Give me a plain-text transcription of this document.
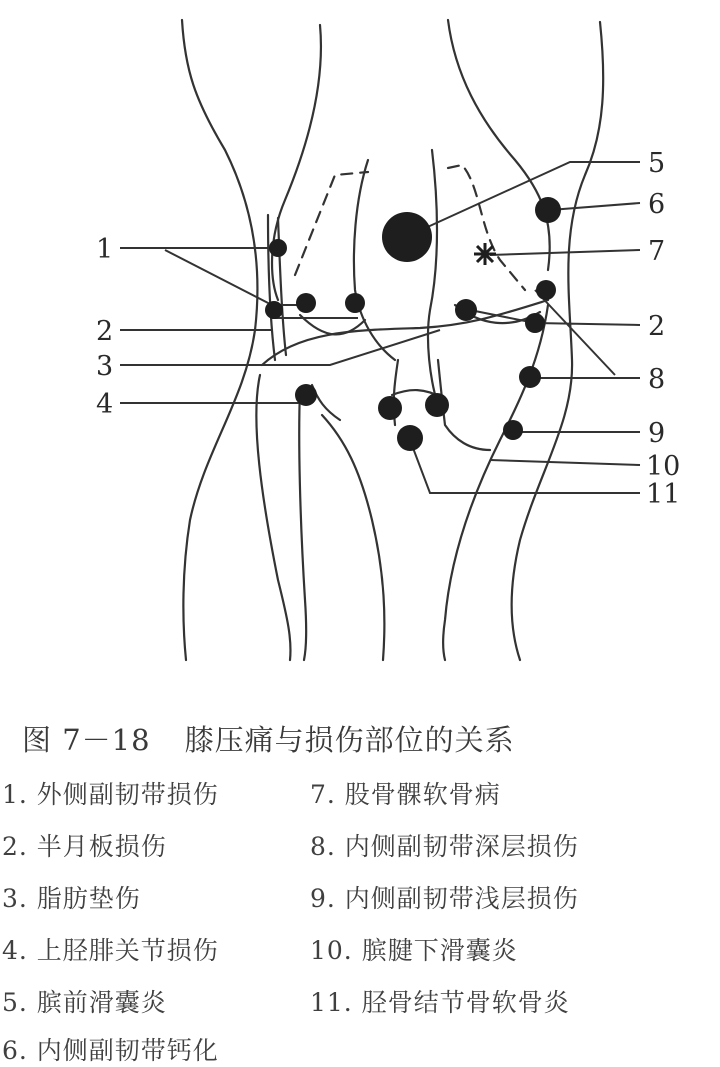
1
2
3
4
5
6
7
2
8
9
10
11
图 7－18 膝压痛与损伤部位的关系
1. 外侧副韧带损伤
2. 半月板损伤
3. 脂肪垫伤
4. 上胫腓关节损伤
5. 膑前滑囊炎
6. 内侧副韧带钙化
7. 股骨髁软骨病
8. 内侧副韧带深层损伤
9. 内侧副韧带浅层损伤
10. 膑腱下滑囊炎
11. 胫骨结节骨软骨炎
